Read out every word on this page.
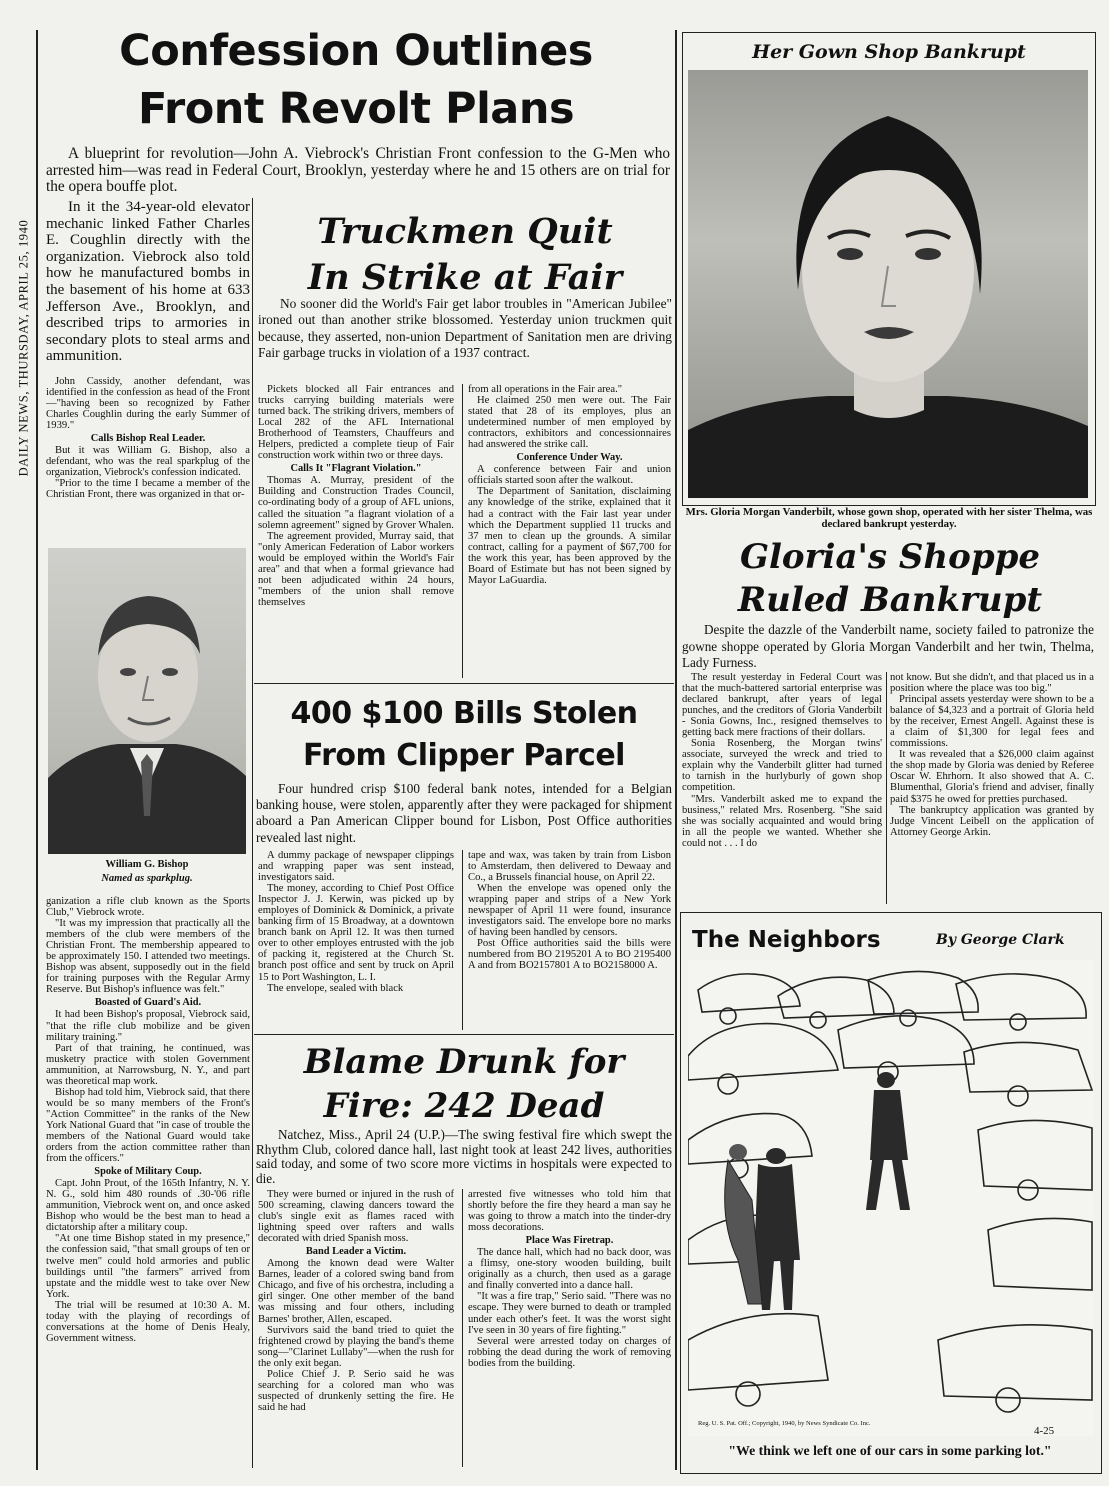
DAILY NEWS, THURSDAY, APRIL 25, 1940
Confession Outlines
Front Revolt Plans

A blueprint for revolution—John A. Viebrock's Christian Front confession to the G-Men who arrested him—was read in Federal Court, Brooklyn, yesterday where he and 15 others are on trial for the opera bouffe plot.

In it the 34-year-old elevator mechanic linked Father Charles E. Coughlin directly with the organization. Viebrock also told how he manufactured bombs in the basement of his home at 633 Jefferson Ave., Brooklyn, and described trips to armories in secondary plots to steal arms and ammunition.

John Cassidy, another defendant, was identified in the confession as head of the Front—"having been so recognized by Father Charles Coughlin during the early Summer of 1939."

Calls Bishop Real Leader.

But it was William G. Bishop, also a defendant, who was the real sparkplug of the organization, Viebrock's confession indicated.

"Prior to the time I became a member of the Christian Front, there was organized in that or-

William G. Bishop
Named as sparkplug.

ganization a rifle club known as the Sports Club," Viebrock wrote.

"It was my impression that practically all the members of the club were members of the Christian Front. The membership appeared to be approximately 150. I attended two meetings. Bishop was absent, supposedly out in the field for training purposes with the Regular Army Reserve. But Bishop's influence was felt."

Boasted of Guard's Aid.

It had been Bishop's proposal, Viebrock said, "that the rifle club mobilize and be given military training."

Part of that training, he continued, was musketry practice with stolen Government ammunition, at Narrowsburg, N. Y., and part was theoretical map work.

Bishop had told him, Viebrock said, that there would be so many members of the Front's "Action Committee" in the ranks of the New York National Guard that "in case of trouble the members of the National Guard would take orders from the action committee rather than from the officers."

Spoke of Military Coup.

Capt. John Prout, of the 165th Infantry, N. Y. N. G., sold him 480 rounds of .30-'06 rifle ammunition, Viebrock went on, and once asked Bishop who would be the best man to head a dictatorship after a military coup.

"At one time Bishop stated in my presence," the confession said, "that small groups of ten or twelve men" could hold armories and public buildings until "the farmers" arrived from upstate and the middle west to take over New York.

The trial will be resumed at 10:30 A. M. today with the playing of recordings of conversations at the home of Denis Healy, Government witness.

Truckmen Quit
In Strike at Fair

No sooner did the World's Fair get labor troubles in "American Jubilee" ironed out than another strike blossomed. Yesterday union truckmen quit because, they asserted, non-union Department of Sanitation men are driving Fair garbage trucks in violation of a 1937 contract.

Pickets blocked all Fair entrances and trucks carrying building materials were turned back. The striking drivers, members of Local 282 of the AFL International Brotherhood of Teamsters, Chauffeurs and Helpers, predicted a complete tieup of Fair construction work within two or three days.

Calls It "Flagrant Violation."

Thomas A. Murray, president of the Building and Construction Trades Council, co-ordinating body of a group of AFL unions, called the situation "a flagrant violation of a solemn agreement" signed by Grover Whalen.

The agreement provided, Murray said, that "only American Federation of Labor workers would be employed within the World's Fair area" and that when a formal grievance had not been adjudicated within 24 hours, "members of the union shall remove themselves

from all operations in the Fair area."

He claimed 250 men were out. The Fair stated that 28 of its employes, plus an undetermined number of men employed by contractors, exhibitors and concessionnaires had answered the strike call.

Conference Under Way.

A conference between Fair and union officials started soon after the walkout.

The Department of Sanitation, disclaiming any knowledge of the strike, explained that it had a contract with the Fair last year under which the Department supplied 11 trucks and 37 men to clean up the grounds. A similar contract, calling for a payment of $67,700 for the work this year, has been approved by the Board of Estimate but has not been signed by Mayor LaGuardia.

400 $100 Bills Stolen
From Clipper Parcel

Four hundred crisp $100 federal bank notes, intended for a Belgian banking house, were stolen, apparently after they were packaged for shipment aboard a Pan American Clipper bound for Lisbon, Post Office authorities revealed last night.

A dummy package of newspaper clippings and wrapping paper was sent instead, investigators said.

The money, according to Chief Post Office Inspector J. J. Kerwin, was picked up by employes of Dominick & Dominick, a private banking firm of 15 Broadway, at a downtown branch bank on April 12. It was then turned over to other employes entrusted with the job of packing it, registered at the Church St. branch post office and sent by truck on April 15 to Port Washington, L. I.

The envelope, sealed with black

tape and wax, was taken by train from Lisbon to Amsterdam, then delivered to Dewaay and Co., a Brussels financial house, on April 22.

When the envelope was opened only the wrapping paper and strips of a New York newspaper of April 11 were found, insurance investigators said. The envelope bore no marks of having been handled by censors.

Post Office authorities said the bills were numbered from BO 2195201 A to BO 2195400 A and from BO2157801 A to BO2158000 A.

Blame Drunk for
Fire: 242 Dead

Natchez, Miss., April 24 (U.P.)—The swing festival fire which swept the Rhythm Club, colored dance hall, last night took at least 242 lives, authorities said today, and some of two score more victims in hospitals were expected to die.

They were burned or injured in the rush of 500 screaming, clawing dancers toward the club's single exit as flames raced with lightning speed over rafters and walls decorated with dried Spanish moss.

Band Leader a Victim.

Among the known dead were Walter Barnes, leader of a colored swing band from Chicago, and five of his orchestra, including a girl singer. One other member of the band was missing and four others, including Barnes' brother, Allen, escaped.

Survivors said the band tried to quiet the frightened crowd by playing the band's theme song—"Clarinet Lullaby"—when the rush for the only exit began.

Police Chief J. P. Serio said he was searching for a colored man who was suspected of drunkenly setting the fire. He said he had

arrested five witnesses who told him that shortly before the fire they heard a man say he was going to throw a match into the tinder-dry moss decorations.

Place Was Firetrap.

The dance hall, which had no back door, was a flimsy, one-story wooden building, built originally as a church, then used as a garage and finally converted into a dance hall.

"It was a fire trap," Serio said. "There was no escape. They were burned to death or trampled under each other's feet. It was the worst sight I've seen in 30 years of fire fighting."

Several were arrested today on charges of robbing the dead during the work of removing bodies from the building.

Her Gown Shop Bankrupt
Mrs. Gloria Morgan Vanderbilt, whose gown shop, operated with her sister Thelma, was declared bankrupt yesterday.
Gloria's Shoppe
Ruled Bankrupt

Despite the dazzle of the Vanderbilt name, society failed to patronize the gowne shoppe operated by Gloria Morgan Vanderbilt and her twin, Thelma, Lady Furness.

The result yesterday in Federal Court was that the much-battered sartorial enterprise was declared bankrupt, after years of legal punches, and the creditors of Gloria Vanderbilt - Sonia Gowns, Inc., resigned themselves to getting back mere fractions of their dollars.

Sonia Rosenberg, the Morgan twins' associate, surveyed the wreck and tried to explain why the Vanderbilt glitter had turned to tarnish in the hurlyburly of gown shop competition.

"Mrs. Vanderbilt asked me to expand the business," related Mrs. Rosenberg. "She said she was socially acquainted and would bring in all the people we wanted. Whether she could not . . . I do

not know. But she didn't, and that placed us in a position where the place was too big."

Principal assets yesterday were shown to be a balance of $4,323 and a portrait of Gloria held by the receiver, Ernest Angell. Against these is a claim of $1,300 for legal fees and commissions.

It was revealed that a $26,000 claim against the shop made by Gloria was denied by Referee Oscar W. Ehrhorn. It also showed that A. C. Blumenthal, Gloria's friend and adviser, finally paid $375 he owed for pretties purchased.

The bankruptcy application was granted by Judge Vincent Leibell on the application of Attorney George Arkin.

The Neighbors	By George Clark
Reg. U. S. Pat. Off.; Copyright, 1940, by News Syndicate Co. Inc.
4-25
"We think we left one of our cars in some parking lot."
